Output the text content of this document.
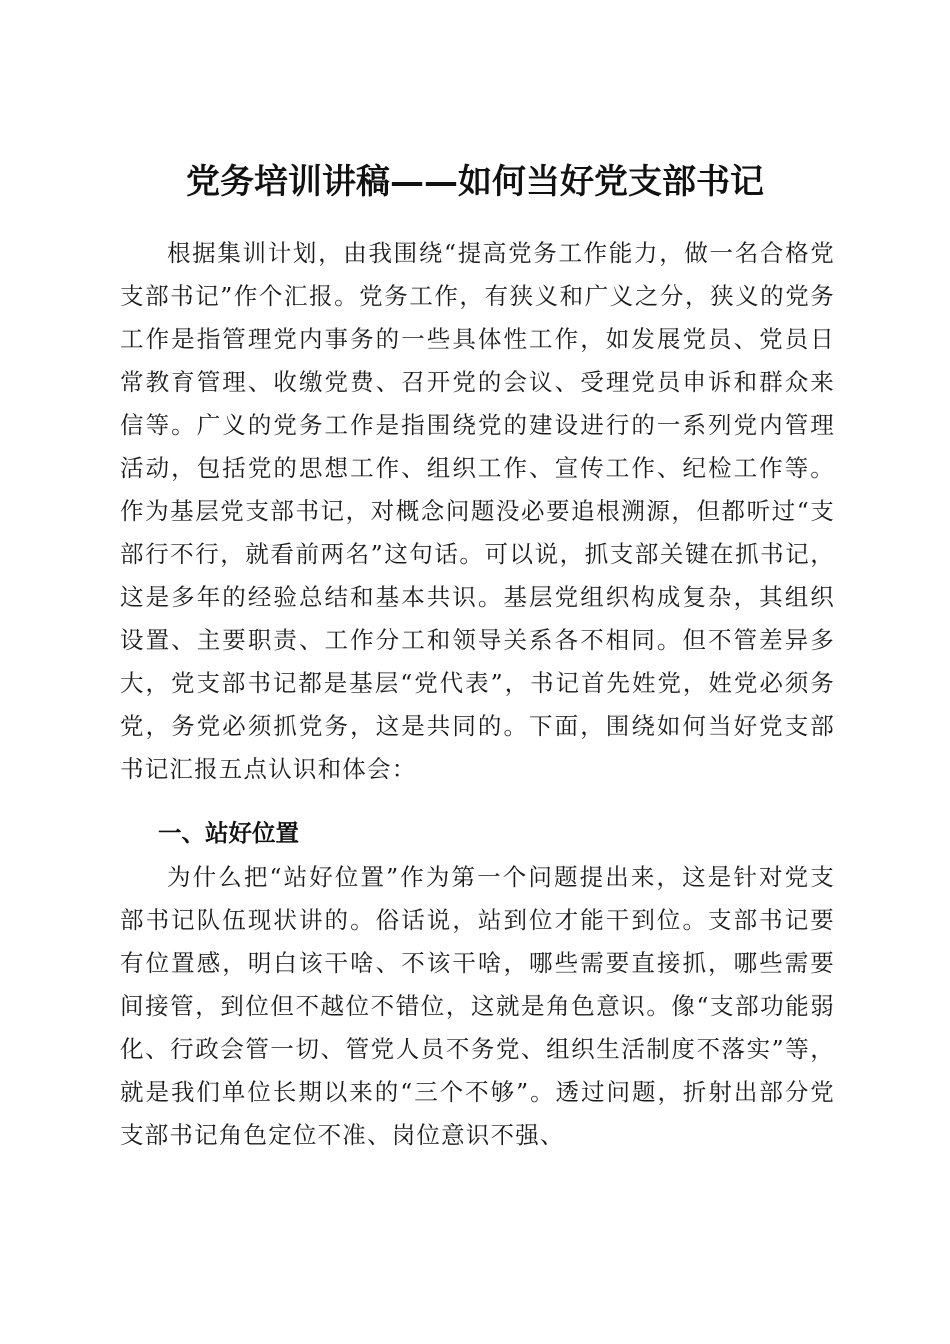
党务培训讲稿——如何当好党支部书记

根据集训计划，由我围绕“提高党务工作能力，做一名合格党支部书记”作个汇报。党务工作，有狭义和广义之分，狭义的党务工作是指管理党内事务的一些具体性工作，如发展党员、党员日常教育管理、收缴党费、召开党的会议、受理党员申诉和群众来信等。广义的党务工作是指围绕党的建设进行的一系列党内管理活动，包括党的思想工作、组织工作、宣传工作、纪检工作等。作为基层党支部书记，对概念问题没必要追根溯源，但都听过“支部行不行，就看前两名”这句话。可以说，抓支部关键在抓书记，这是多年的经验总结和基本共识。基层党组织构成复杂，其组织设置、主要职责、工作分工和领导关系各不相同。但不管差异多大，党支部书记都是基层“党代表”，书记首先姓党，姓党必须务党，务党必须抓党务，这是共同的。下面，围绕如何当好党支部书记汇报五点认识和体会：

一、站好位置

为什么把“站好位置”作为第一个问题提出来，这是针对党支部书记队伍现状讲的。俗话说，站到位才能干到位。支部书记要有位置感，明白该干啥、不该干啥，哪些需要直接抓，哪些需要间接管，到位但不越位不错位，这就是角色意识。像“支部功能弱化、行政会管一切、管党人员不务党、组织生活制度不落实”等，就是我们单位长期以来的“三个不够”。透过问题，折射出部分党支部书记角色定位不准、岗位意识不强、
